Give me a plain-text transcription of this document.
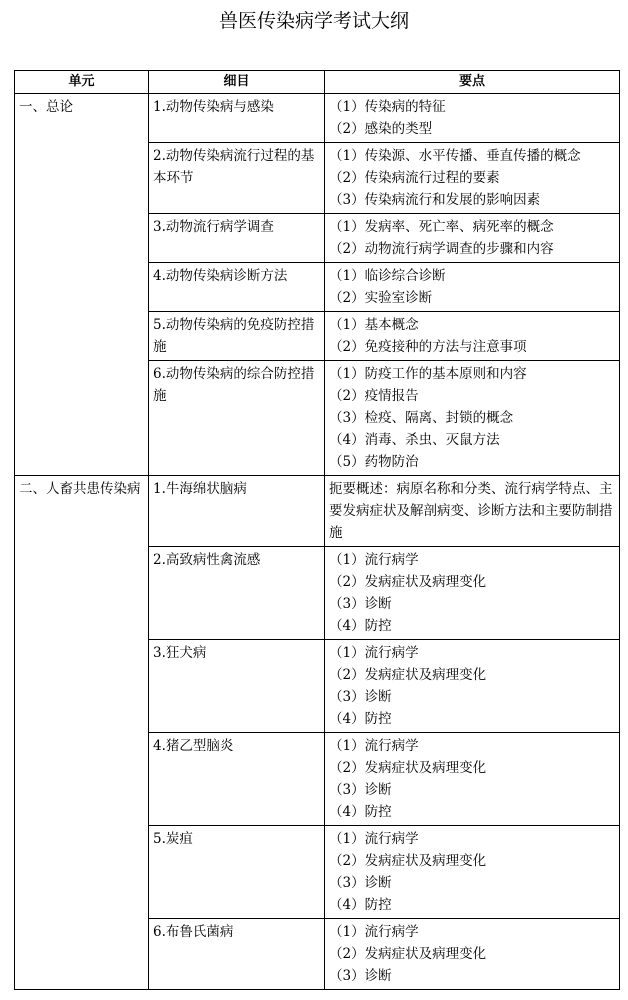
兽医传染病学考试大纲
单元	细目	要点
一、总论	1.动物传染病与感染	（1）传染病的特征
（2）感染的类型

	2.动物传染病流行过程的基本环节	（1）传染源、水平传播、垂直传播的概念
（2）传染病流行过程的要素
（3）传染病流行和发展的影响因素

	3.动物流行病学调查	（1）发病率、死亡率、病死率的概念
（2）动物流行病学调查的步骤和内容

	4.动物传染病诊断方法	（1）临诊综合诊断
（2）实验室诊断

	5.动物传染病的免疫防控措施	（1）基本概念
（2）免疫接种的方法与注意事项

	6.动物传染病的综合防控措施	（1）防疫工作的基本原则和内容
（2）疫情报告
（3）检疫、隔离、封锁的概念
（4）消毒、杀虫、灭鼠方法
（5）药物防治

二、人畜共患传染病	1.牛海绵状脑病	扼要概述：病原名称和分类、流行病学特点、主要发病症状及解剖病变、诊断方法和主要防制措施

	2.高致病性禽流感	（1）流行病学
（2）发病症状及病理变化
（3）诊断
（4）防控

	3.狂犬病	（1）流行病学
（2）发病症状及病理变化
（3）诊断
（4）防控

	4.猪乙型脑炎	（1）流行病学
（2）发病症状及病理变化
（3）诊断
（4）防控

	5.炭疽	（1）流行病学
（2）发病症状及病理变化
（3）诊断
（4）防控

	6.布鲁氏菌病	（1）流行病学
（2）发病症状及病理变化
（3）诊断
